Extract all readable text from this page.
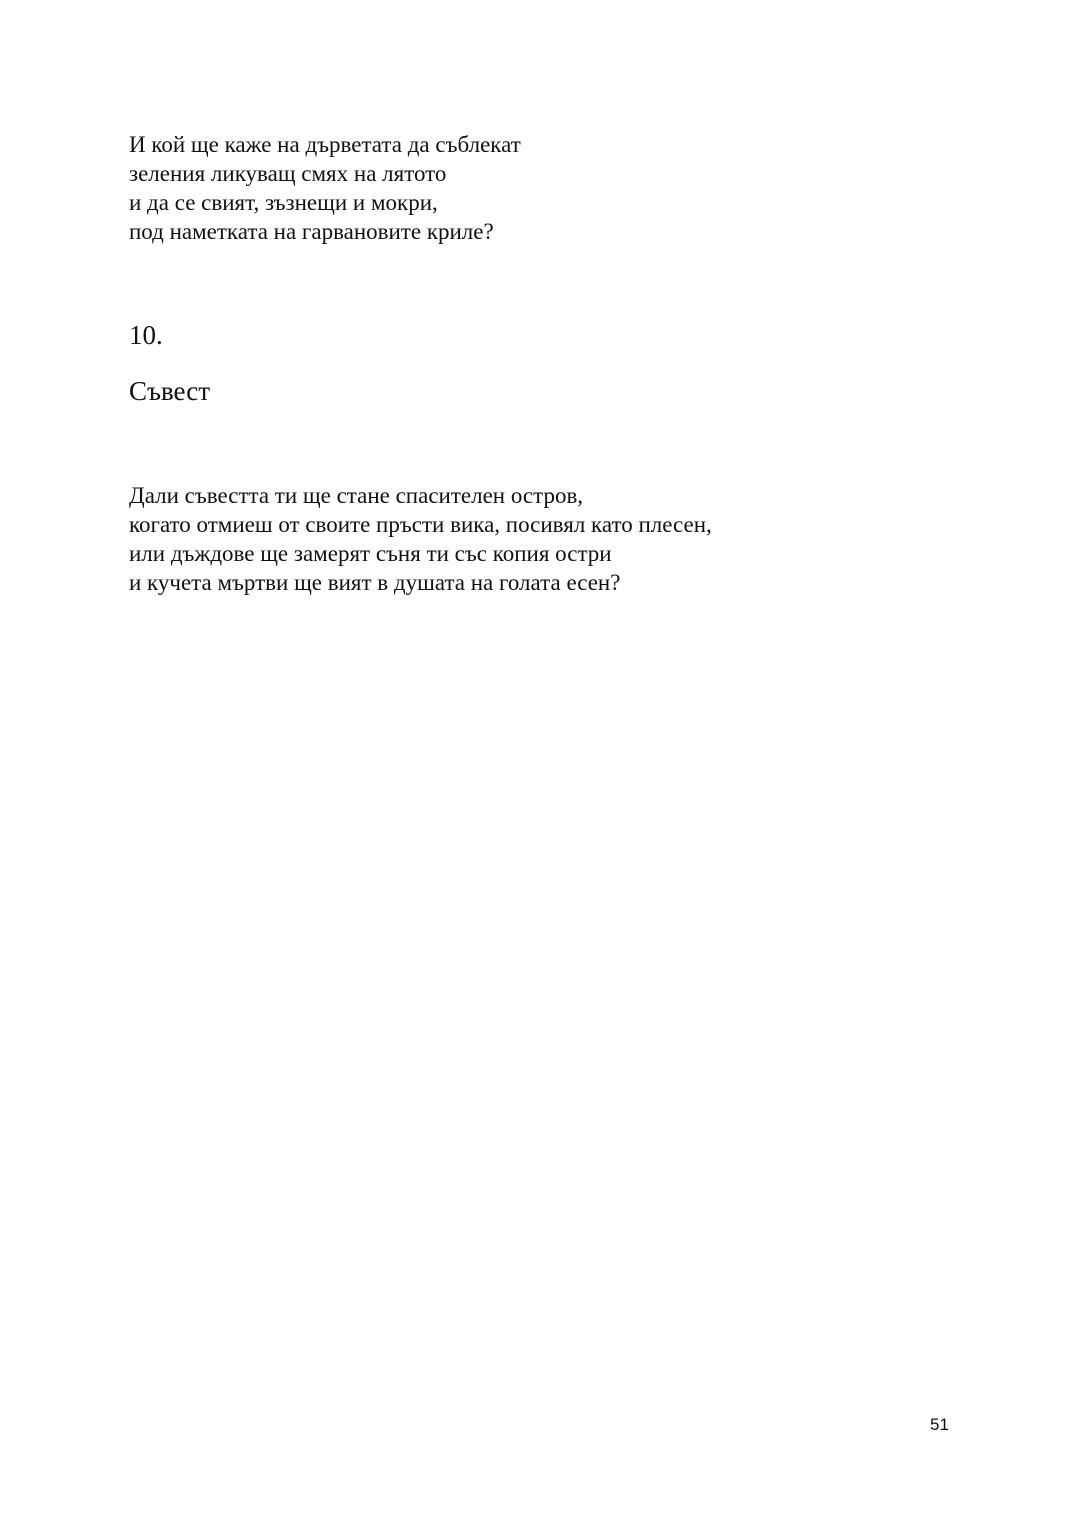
И кой ще каже на дърветата да съблекат
зеления ликуващ смях на лятото
и да се свият, зъзнещи и мокри,
под наметката на гарвановите криле?

10.
Съвест

Дали съвестта ти ще стане спасителен остров,
когато отмиеш от своите пръсти вика, посивял като плесен,
или дъждове ще замерят съня ти със копия остри
и кучета мъртви ще вият в душата на голата есен?

51
